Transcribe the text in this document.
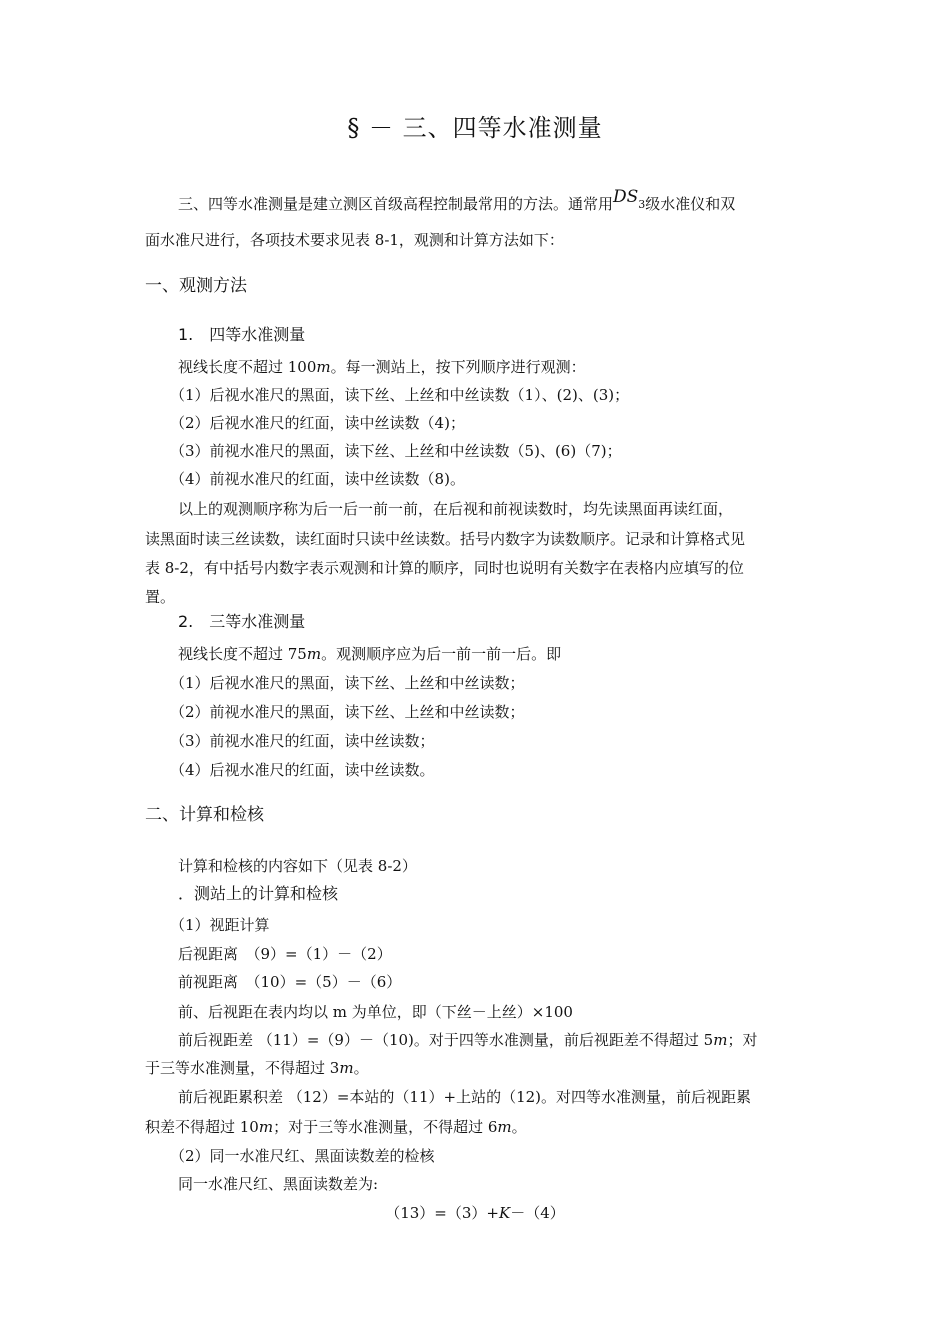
§ － 三、四等水准测量
三、四等水准测量是建立测区首级高程控制最常用的方法。通常用$DS_3$级水准仪和双
面水准尺进行，各项技术要求见表 8-1，观测和计算方法如下：
一、观测方法
1.　四等水准测量
视线长度不超过 100m。每一测站上，按下列顺序进行观测：
（1）后视水准尺的黑面，读下丝、上丝和中丝读数（1）、(2)、(3)；
（2）后视水准尺的红面，读中丝读数（4)；
（3）前视水准尺的黑面，读下丝、上丝和中丝读数（5)、(6)（7)；
（4）前视水准尺的红面，读中丝读数（8)。
以上的观测顺序称为后一后一前一前，在后视和前视读数时，均先读黑面再读红面，
读黑面时读三丝读数，读红面时只读中丝读数。括号内数字为读数顺序。记录和计算格式见
表 8-2，有中括号内数字表示观测和计算的顺序，同时也说明有关数字在表格内应填写的位
置。
2.　三等水准测量
视线长度不超过 75m。观测顺序应为后一前一前一后。即
（1）后视水准尺的黑面，读下丝、上丝和中丝读数；
（2）前视水准尺的黑面，读下丝、上丝和中丝读数；
（3）前视水准尺的红面，读中丝读数；
（4）后视水准尺的红面，读中丝读数。
二、计算和检核
计算和检核的内容如下（见表 8-2）
．测站上的计算和检核
（1）视距计算
后视距离　（9）=（1）－（2）
前视距离　（10）=（5）－（6）
前、后视距在表内均以 m 为单位，即（下丝－上丝）×100
前后视距差 （11）=（9）－（10)。对于四等水准测量，前后视距差不得超过 5m；对
于三等水准测量，不得超过 3m。
前后视距累积差 （12）=本站的（11）+上站的（12)。对四等水准测量，前后视距累
积差不得超过 10m；对于三等水准测量，不得超过 6m。
（2）同一水准尺红、黑面读数差的检核
同一水准尺红、黑面读数差为:
（13）=（3）+K－（4）
